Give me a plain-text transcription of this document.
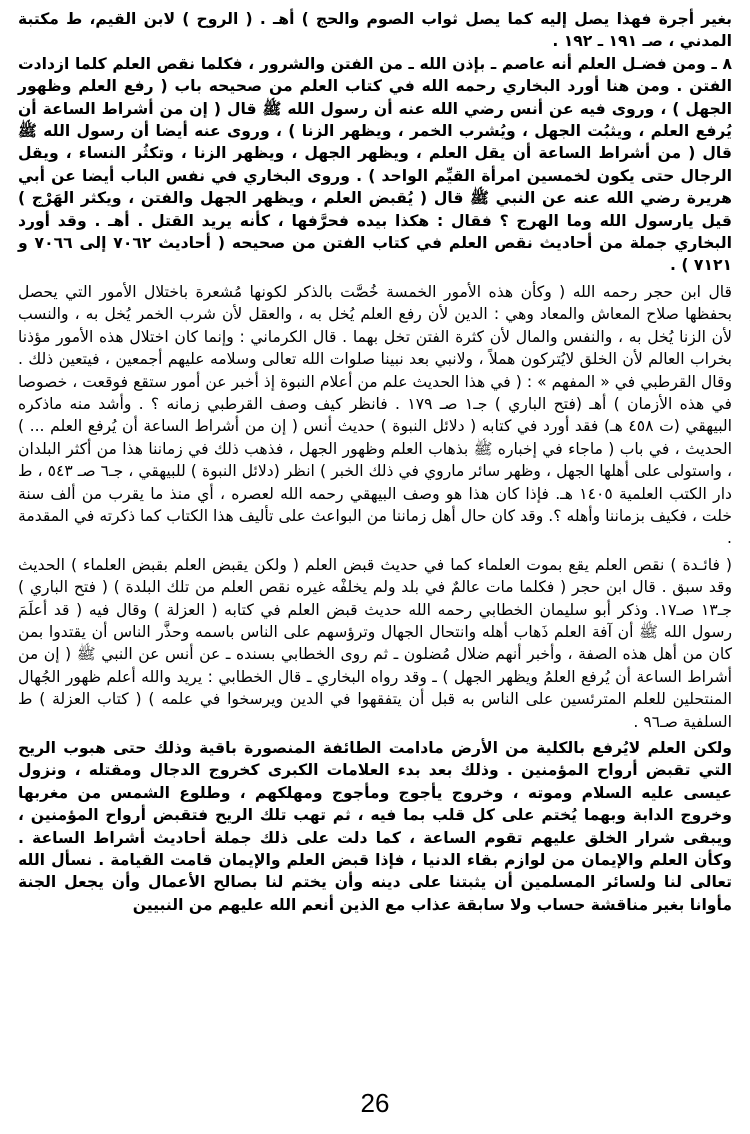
بغير أجرة فهذا يصل إليه كما يصل ثواب الصوم والحج ) أهـ . ( الروح ) لابن القيم، ط مكتبة المدني ، صـ ١٩١ ـ ١٩٢ .

٨ ـ ومن فضـل العلم أنه عاصم ـ بإذن الله ـ من الفتن والشرور ، فكلما نقص العلم كلما ازدادت الفتن . ومن هنا أورد البخاري رحمه الله في كتاب العلم من صحيحه باب ( رفع العلم وظهور الجهل ) ، وروى فيه عن أنس رضي الله عنه أن رسول الله ﷺ قال ( إن من أشراط الساعة أن يُرفع العلم ، ويثبُت الجهل ، ويُشرب الخمر ، ويظهر الزنا ) ، وروى عنه أيضا أن رسول الله ﷺ قال ( من أشراط الساعة أن يقل العلم ، ويظهر الجهل ، ويظهر الزنا ، وتكثُر النساء ، ويقل الرجال حتى يكون لخمسين امرأة القيِّم الواحد ) . وروى البخاري في نفس الباب أيضا عن أبي هريرة رضي الله عنه عن النبي ﷺ قال ( يُقبض العلم ، ويظهر الجهل والفتن ، ويكثر الهَرْج ) قيل يارسول الله وما الهرج ؟ فقال : هكذا بيده فحرَّفها ، كأنه يريد القتل . أهـ . وقد أورد البخاري جملة من أحاديث نقص العلم في كتاب الفتن من صحيحه ( أحاديث ٧٠٦٢ إلى ٧٠٦٦ و ٧١٢١ ) .

قال ابن حجر رحمه الله ( وكأن هذه الأمور الخمسة خُصَّت بالذكر لكونها مُشعرة باختلال الأمور التي يحصل بحفظها صلاح المعاش والمعاد وهي : الدين لأن رفع العلم يُخل به ، والعقل لأن شرب الخمر يُخل به ، والنسب لأن الزنا يُخل به ، والنفس والمال لأن كثرة الفتن تخل بهما . قال الكرماني : وإنما كان اختلال هذه الأمور مؤذنا بخراب العالم لأن الخلق لايُتركون هملاً ، ولانبي بعد نبينا صلوات الله تعالى وسلامه عليهم أجمعين ، فيتعين ذلك . وقال القرطبي في « المفهم » : ( في هذا الحديث علم من أعلام النبوة إذ أخبر عن أمور ستقع فوقعت ، خصوصا في هذه الأزمان ) أهـ (فتح الباري ) جـ١ صـ ١٧٩ . فانظر كيف وصف القرطبي زمانه ؟ . وأشد منه ماذكره البيهقي (ت ٤٥٨ هـ) فقد أورد في كتابه ( دلائل النبوة ) حديث أنس ( إن من أشراط الساعة أن يُرفع العلم ... ) الحديث ، في باب ( ماجاء في إخباره ﷺ بذهاب العلم وظهور الجهل ، فذهب ذلك في زماننا هذا من أكثر البلدان ، واستولى على أهلها الجهل ، وظهر سائر ماروي في ذلك الخبر ) انظر (دلائل النبوة ) للبيهقي ، جـ٦ صـ ٥٤٣ ، ط دار الكتب العلمية ١٤٠٥ هـ. فإذا كان هذا هو وصف البيهقي رحمه الله لعصره ، أي منذ ما يقرب من ألف سنة خلت ، فكيف بزماننا وأهله ؟. وقد كان حال أهل زماننا من البواعث على تأليف هذا الكتاب كما ذكرته في المقدمة .

( فائـدة ) نقص العلم يقع بموت العلماء كما في حديث قبض العلم ( ولكن يقبض العلم بقبض العلماء ) الحديث وقد سبق . قال ابن حجر ( فكلما مات عالمٌ في بلد ولم يخلفْه غيره نقص العلم من تلك البلدة ) ( فتح الباري ) جـ١٣ صـ١٧. وذكر أبو سليمان الخطابي رحمه الله حديث قبض العلم في كتابه ( العزلة ) وقال فيه ( قد أعلَمَ رسول الله ﷺ أن آفة العلم ذَهاب أهله وانتحال الجهال وترؤسهم على الناس باسمه وحذَّر الناس أن يقتدوا بمن كان من أهل هذه الصفة ، وأخبر أنهم ضلال مُضلون ـ ثم روى الخطابي بسنده ـ عن أنس عن النبي ﷺ ( إن من أشراط الساعة أن يُرفع العلمُ ويظهر الجهل ) ـ وقد رواه البخاري ـ قال الخطابي : يريد والله أعلم ظهور الجُهال المنتحلين للعلم المترئسين على الناس به قبل أن يتفقهوا في الدين ويرسخوا في علمه ) ( كتاب العزلة ) ط السلفية صـ٩٦ .

ولكن العلم لايُرفع بالكلية من الأرض مادامت الطائفة المنصورة باقية وذلك حتى هبوب الريح التي تقبض أرواح المؤمنين . وذلك بعد بدء العلامات الكبرى كخروج الدجال ومقتله ، ونزول عيسى عليه السلام وموته ، وخروج يأجوج ومأجوج ومهلكهم ، وطلوع الشمس من مغربها وخروج الدابة وبهما يُختم على كل قلب بما فيه ، ثم تهب تلك الريح فتقبض أرواح المؤمنين ، ويبقى شرار الخلق عليهم تقوم الساعة ، كما دلت على ذلك جملة أحاديث أشراط الساعة . وكأن العلم والإيمان من لوازم بقاء الدنيا ، فإذا قبض العلم والإيمان قامت القيامة . نسأل الله تعالى لنا ولسائر المسلمين أن يثبتنا على دينه وأن يختم لنا بصالح الأعمال وأن يجعل الجنة مأوانا بغير مناقشة حساب ولا سابقة عذاب مع الذين أنعم الله عليهم من النبيين

26
